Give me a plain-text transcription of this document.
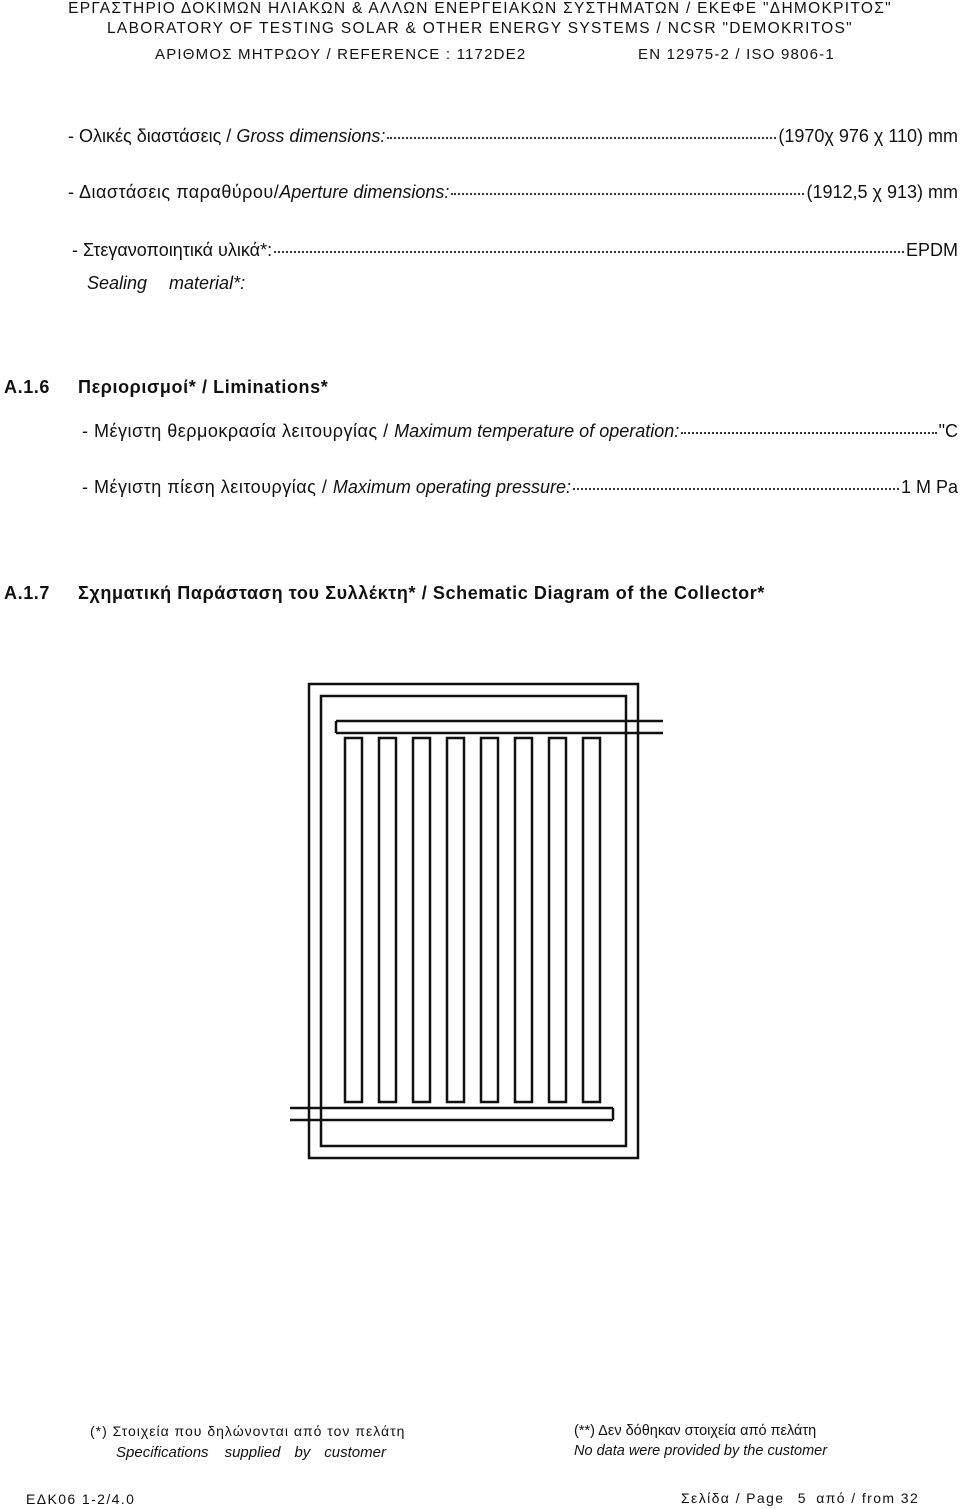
ΕΡΓΑΣΤΗΡΙΟ ΔΟΚΙΜΩΝ ΗΛΙΑΚΩΝ & ΑΛΛΩΝ ΕΝΕΡΓΕΙΑΚΩΝ ΣΥΣΤΗΜΑΤΩΝ / ΕΚΕΦΕ "ΔΗΜΟΚΡΙΤΟΣ"
LABORATORY OF TESTING SOLAR & OTHER ENERGY SYSTEMS / NCSR "DEMOKRITOS"
ΑΡΙΘΜΟΣ ΜΗΤΡΩΟΥ / REFERENCE : 1172DE2	EN 12975-2 / ISO 9806-1
- Ολικές διαστάσεις / Gross dimensions:	(1970χ 976 χ 110) mm
- Διαστάσεις παραθύρου/Aperture dimensions:	(1912,5 χ 913) mm
- Στεγανοποιητικά υλικά*:	EPDM
Sealing material*:
A.1.6 Περιορισμοί* / Liminations*
- Μέγιστη θερμοκρασία λειτουργίας / Maximum temperature of operation:	"C
- Μέγιστη πίεση λειτουργίας / Maximum operating pressure:	1 M Pa
A.1.7 Σχηματική Παράσταση του Συλλέκτη* / Schematic Diagram of the Collector*
(*) Στοιχεία που δηλώνονται από τον πελάτη
Specifications supplied by customer
(**) Δεν δόθηκαν στοιχεία από πελάτη
No data were provided by the customer
ΕΔΚ06 1-2/4.0	Σελίδα / Page 5 από / from 32
